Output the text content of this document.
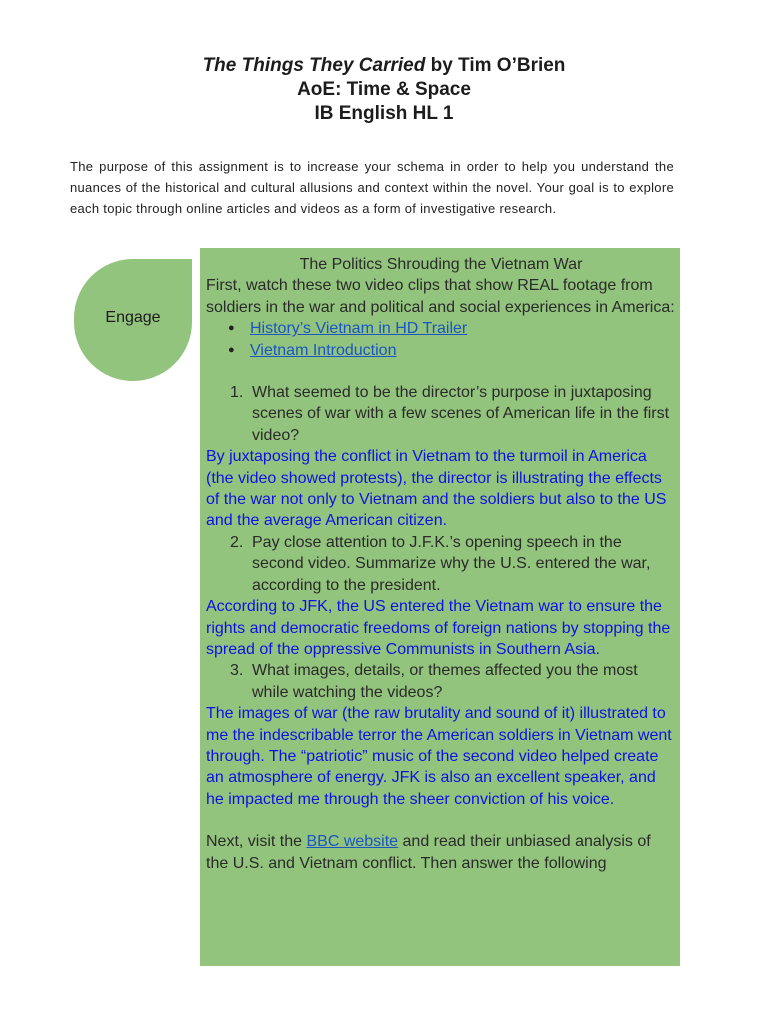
The Things They Carried by Tim O’Brien
AoE: Time & Space
IB English HL 1
The purpose of this assignment is to increase your schema in order to help you understand the nuances of the historical and cultural allusions and context within the novel. Your goal is to explore each topic through online articles and videos as a form of investigative research.
Engage

The Politics Shrouding the Vietnam War

First, watch these two video clips that show REAL footage from soldiers in the war and political and social experiences in America:

● History’s Vietnam in HD Trailer
● Vietnam Introduction

1. What seemed to be the director’s purpose in juxtaposing scenes of war with a few scenes of American life in the first video?

By juxtaposing the conflict in Vietnam to the turmoil in America (the video showed protests), the director is illustrating the effects of the war not only to Vietnam and the soldiers but also to the US and the average American citizen.

2. Pay close attention to J.F.K.’s opening speech in the second video. Summarize why the U.S. entered the war, according to the president.

According to JFK, the US entered the Vietnam war to ensure the rights and democratic freedoms of foreign nations by stopping the spread of the oppressive Communists in Southern Asia.

3. What images, details, or themes affected you the most while watching the videos?

The images of war (the raw brutality and sound of it) illustrated to me the indescribable terror the American soldiers in Vietnam went through. The “patriotic” music of the second video helped create an atmosphere of energy. JFK is also an excellent speaker, and he impacted me through the sheer conviction of his voice.

Next, visit the BBC website and read their unbiased analysis of the U.S. and Vietnam conflict. Then answer the following
